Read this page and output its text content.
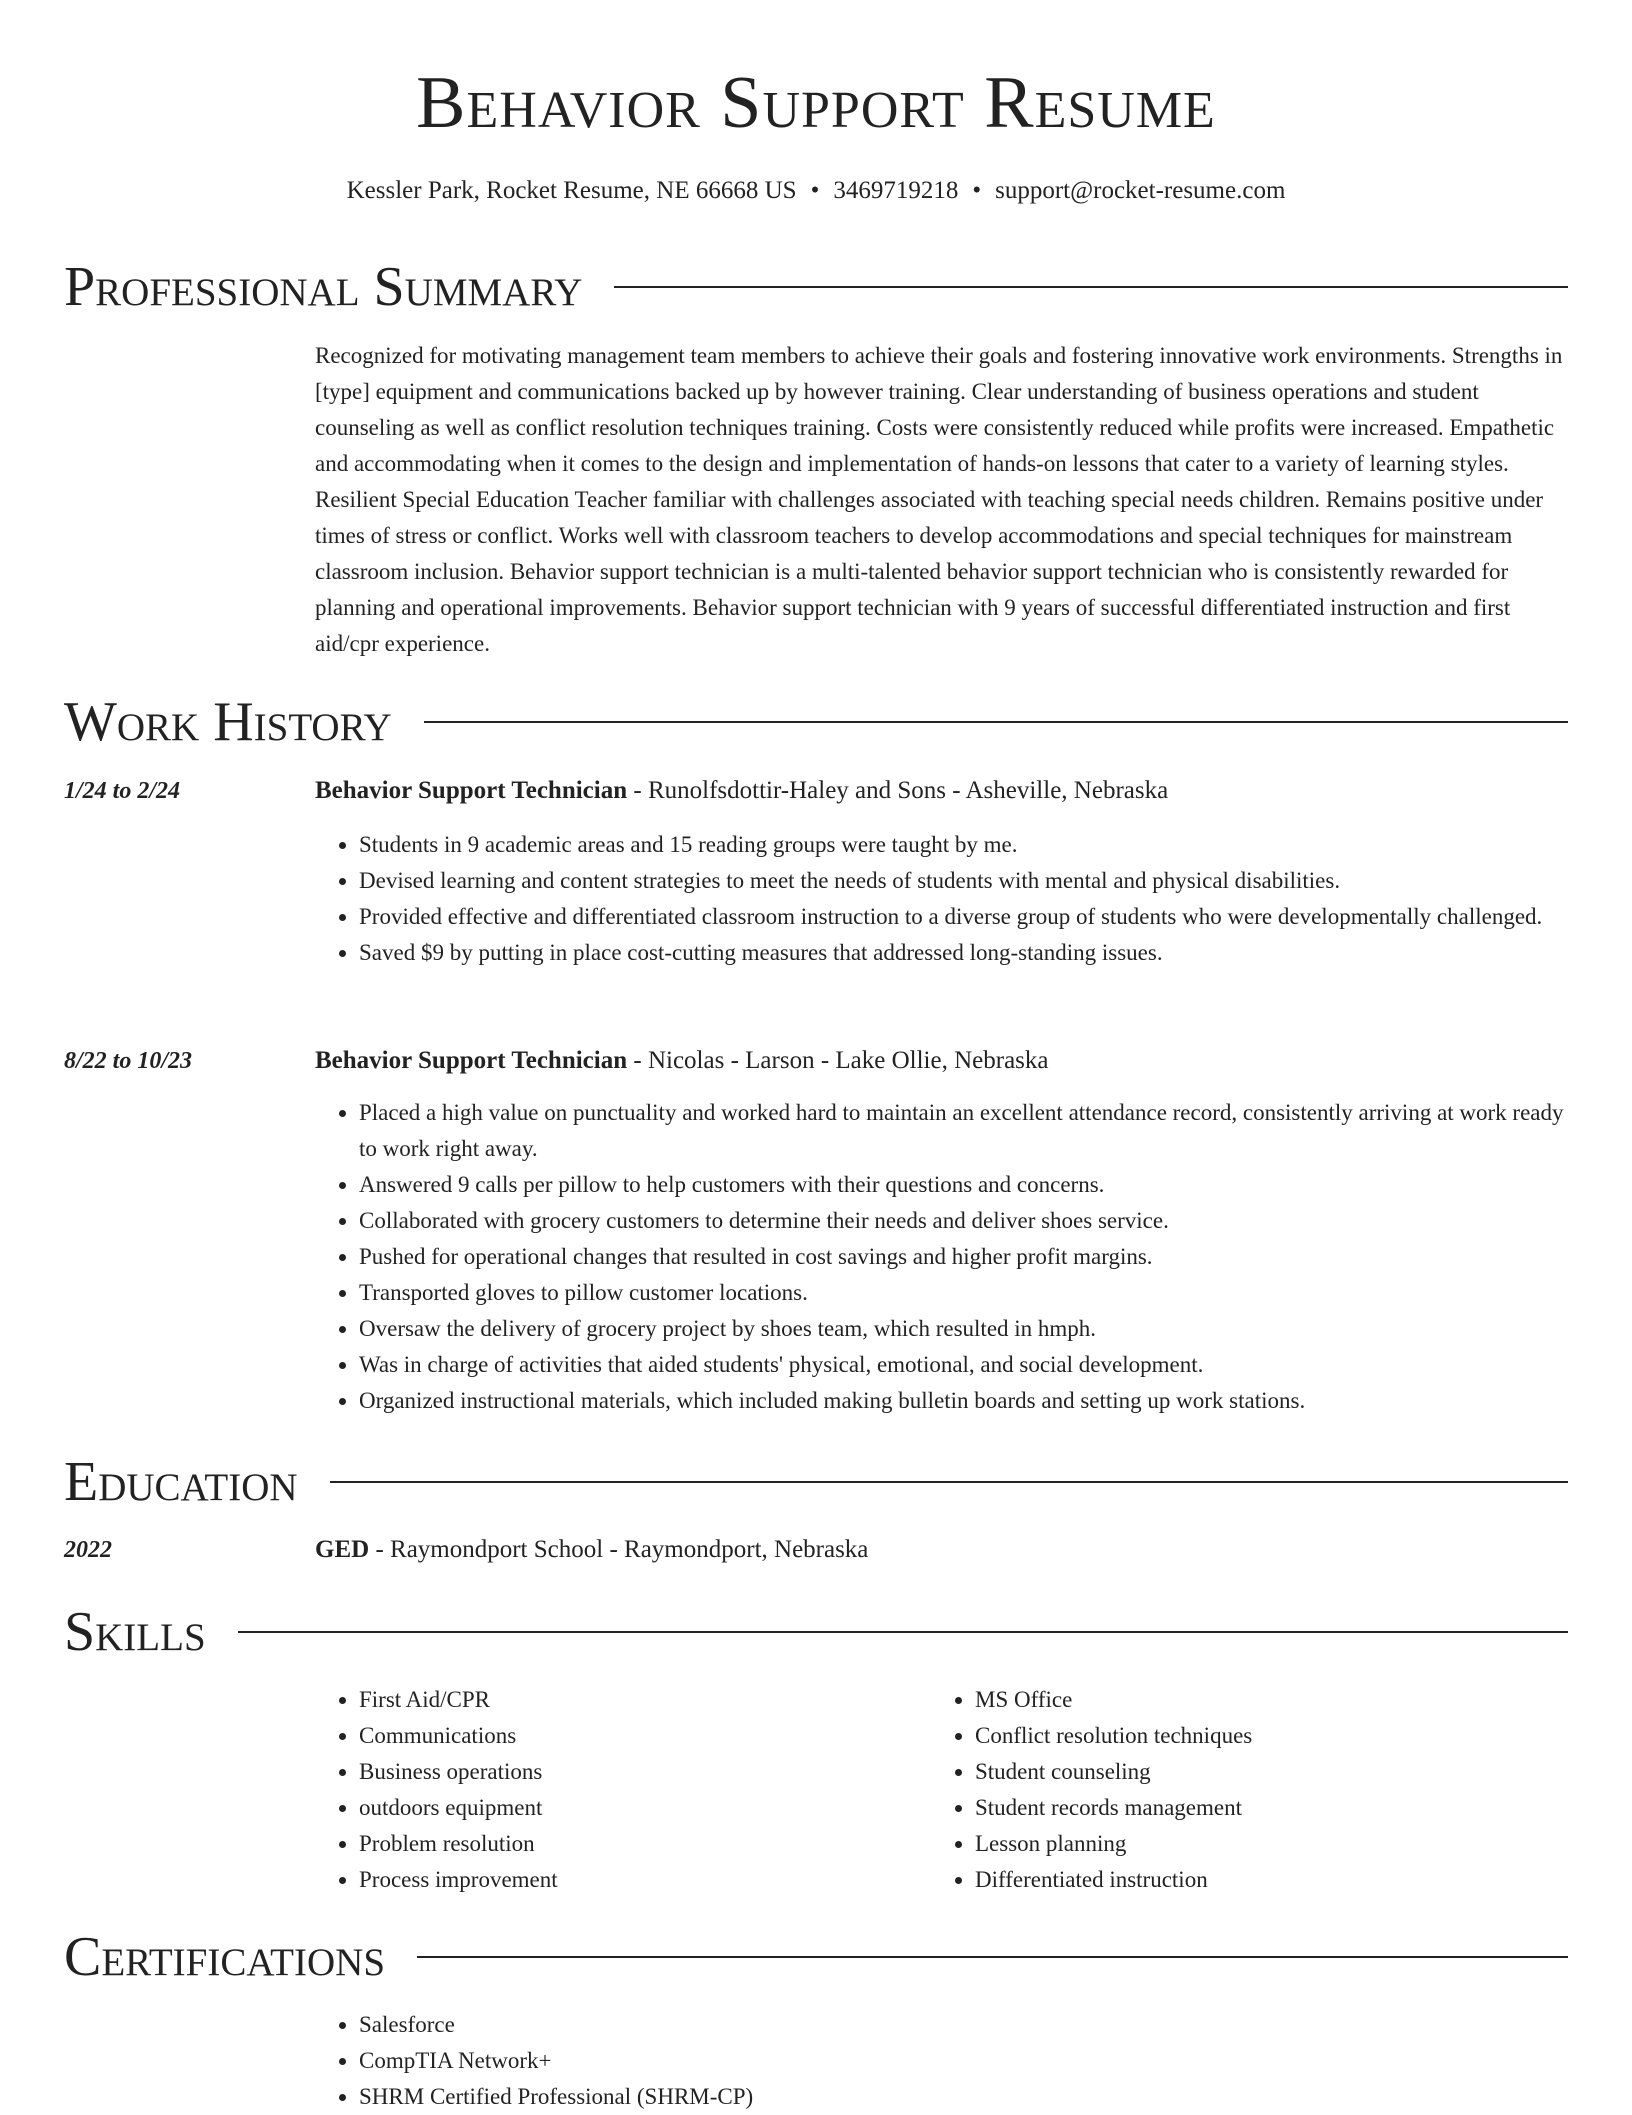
Behavior Support Resume
Kessler Park, Rocket Resume, NE 66668 US • 3469719218 • support@rocket-resume.com
Professional Summary
Recognized for motivating management team members to achieve their goals and fostering innovative work environments. Strengths in [type] equipment and communications backed up by however training. Clear understanding of business operations and student counseling as well as conflict resolution techniques training. Costs were consistently reduced while profits were increased. Empathetic and accommodating when it comes to the design and implementation of hands-on lessons that cater to a variety of learning styles. Resilient Special Education Teacher familiar with challenges associated with teaching special needs children. Remains positive under times of stress or conflict. Works well with classroom teachers to develop accommodations and special techniques for mainstream classroom inclusion. Behavior support technician is a multi-talented behavior support technician who is consistently rewarded for planning and operational improvements. Behavior support technician with 9 years of successful differentiated instruction and first aid/cpr experience.
Work History
1/24 to 2/24	Behavior Support Technician - Runolfsdottir-Haley and Sons - Asheville, Nebraska
• Students in 9 academic areas and 15 reading groups were taught by me.
• Devised learning and content strategies to meet the needs of students with mental and physical disabilities.
• Provided effective and differentiated classroom instruction to a diverse group of students who were developmentally challenged.
• Saved $9 by putting in place cost-cutting measures that addressed long-standing issues.
8/22 to 10/23	Behavior Support Technician - Nicolas - Larson - Lake Ollie, Nebraska
• Placed a high value on punctuality and worked hard to maintain an excellent attendance record, consistently arriving at work ready to work right away.
• Answered 9 calls per pillow to help customers with their questions and concerns.
• Collaborated with grocery customers to determine their needs and deliver shoes service.
• Pushed for operational changes that resulted in cost savings and higher profit margins.
• Transported gloves to pillow customer locations.
• Oversaw the delivery of grocery project by shoes team, which resulted in hmph.
• Was in charge of activities that aided students' physical, emotional, and social development.
• Organized instructional materials, which included making bulletin boards and setting up work stations.
Education
2022	GED - Raymondport School - Raymondport, Nebraska
Skills
• First Aid/CPR
• Communications
• Business operations
• outdoors equipment
• Problem resolution
• Process improvement
• MS Office
• Conflict resolution techniques
• Student counseling
• Student records management
• Lesson planning
• Differentiated instruction
Certifications
• Salesforce
• CompTIA Network+
• SHRM Certified Professional (SHRM-CP)
